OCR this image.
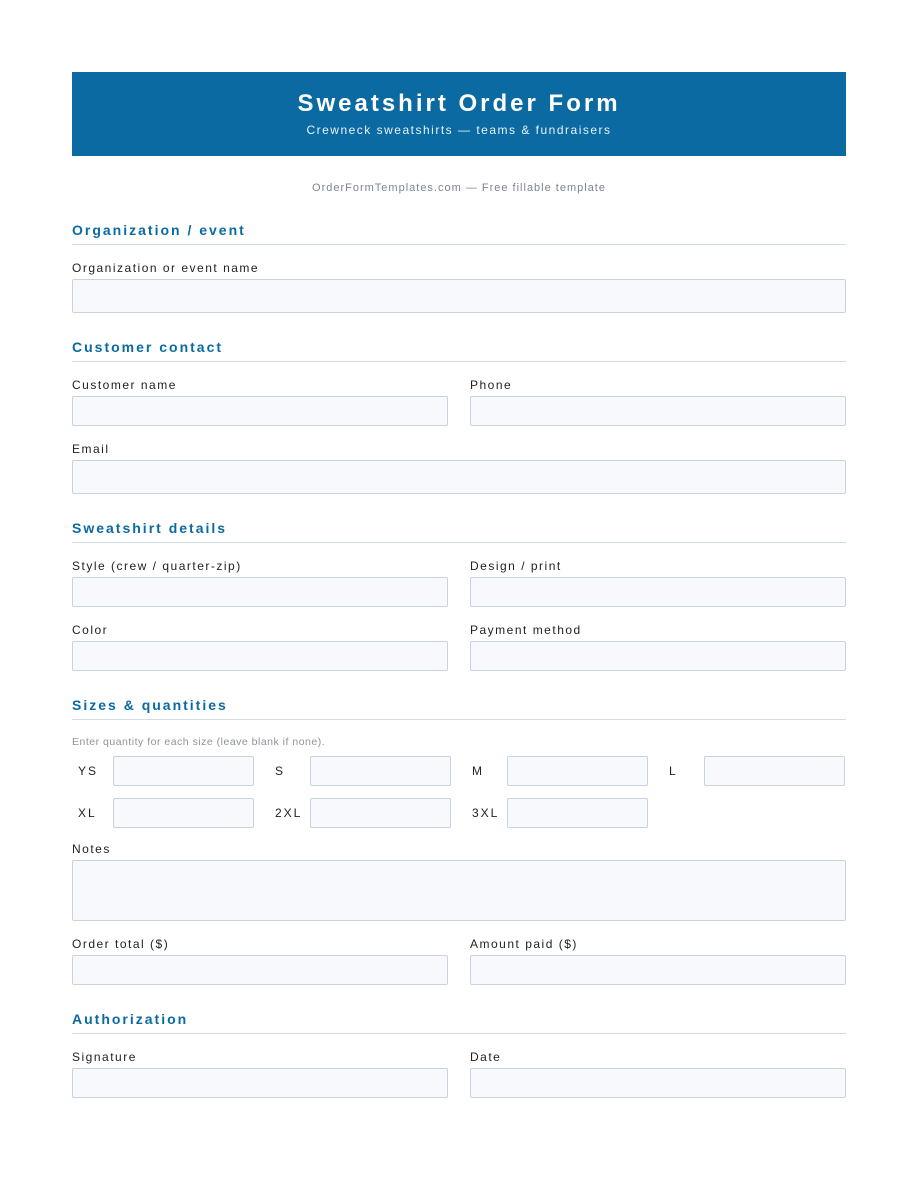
Sweatshirt Order Form
Crewneck sweatshirts — teams & fundraisers
OrderFormTemplates.com — Free fillable template
Organization / event
Organization or event name
Customer contact
Customer name	Phone
Email
Sweatshirt details
Style (crew / quarter-zip)	Design / print
Color	Payment method
Sizes & quantities
Enter quantity for each size (leave blank if none).
YS	S	M	L
XL	2XL	3XL
Notes
Order total ($)	Amount paid ($)
Authorization
Signature	Date
